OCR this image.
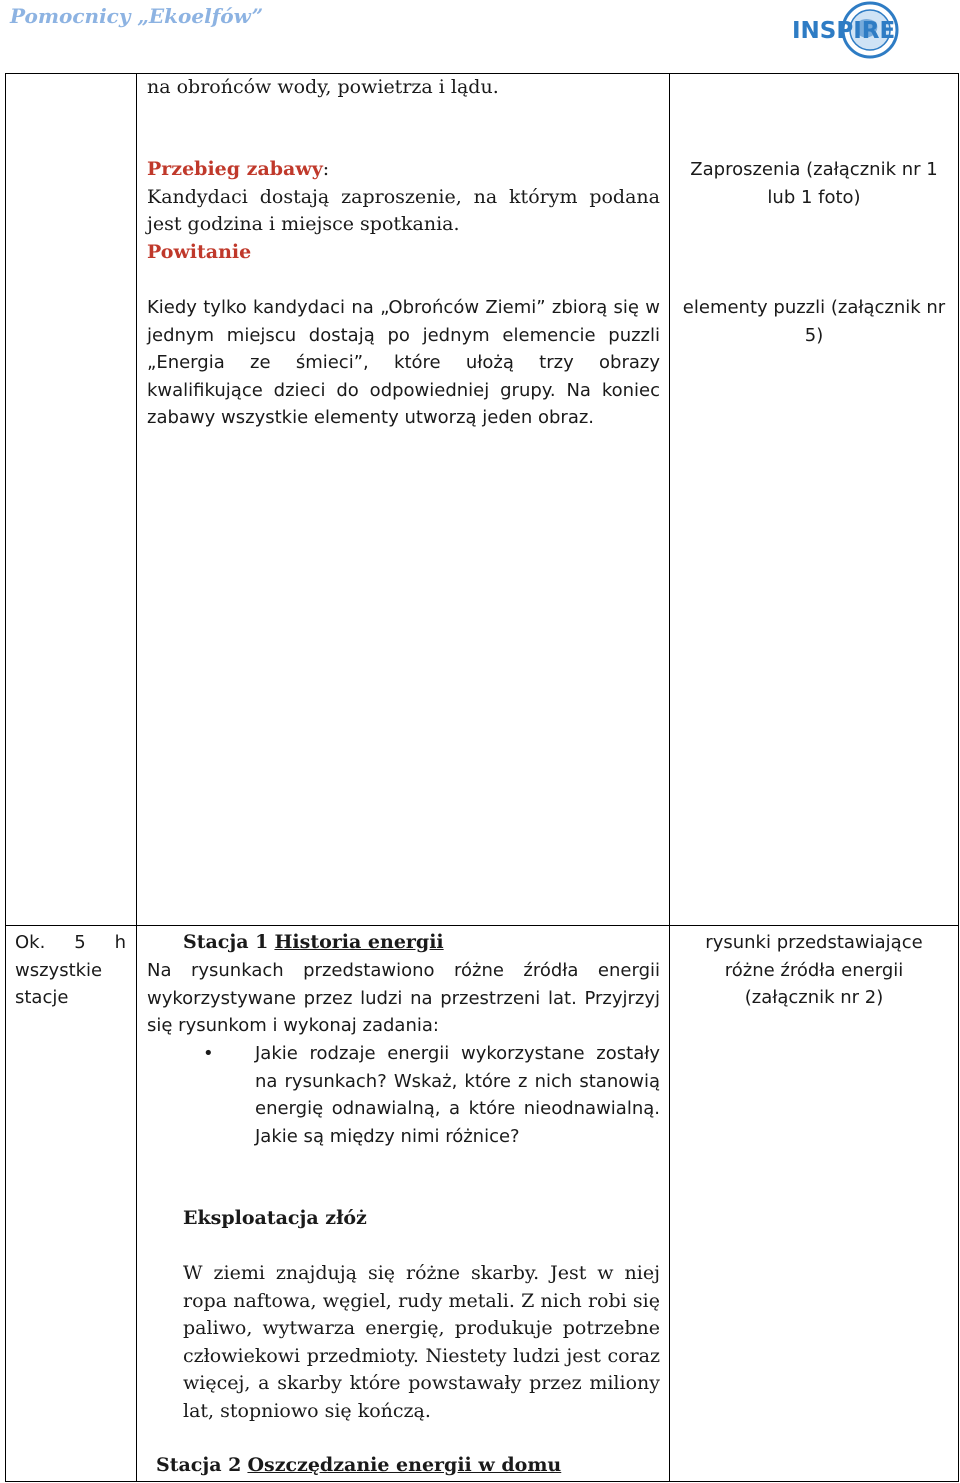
Pomocnicy „Ekoelfów”
INSPIRE
na obrońców wody, powietrza i lądu.

Przebieg zabawy:

Kandydaci dostają zaproszenie, na którym podana jest godzina i miejsce spotkania.

Powitanie
Kiedy tylko kandydaci na „Obrońców Ziemi” zbiorą się w jednym miejscu dostają po jednym elemencie puzzli „Energia ze śmieci”, które ułożą trzy obrazy kwalifikujące dzieci do odpowiedniej grupy. Na koniec zabawy wszystkie elementy utworzą jeden obraz.
Zaproszenia (załącznik nr 1 lub 1 foto)
elementy puzzli (załącznik nr 5)
Ok. 5 h wszystkie stacje
Stacja 1 Historia energii
Na rysunkach przedstawiono różne źródła energii wykorzystywane przez ludzi na przestrzeni lat. Przyjrzyj się rysunkom i wykonaj zadania:
• Jakie rodzaje energii wykorzystane zostały na rysunkach? Wskaż, które z nich stanowią energię odnawialną, a które nieodnawialną. Jakie są między nimi różnice?
Eksploatacja złóż
W ziemi znajdują się różne skarby. Jest w niej ropa naftowa, węgiel, rudy metali. Z nich robi się paliwo, wytwarza energię, produkuje potrzebne człowiekowi przedmioty. Niestety ludzi jest coraz więcej, a skarby które powstawały przez miliony lat, stopniowo się kończą.
Stacja 2 Oszczędzanie energii w domu
rysunki przedstawiające różne źródła energii (załącznik nr 2)
